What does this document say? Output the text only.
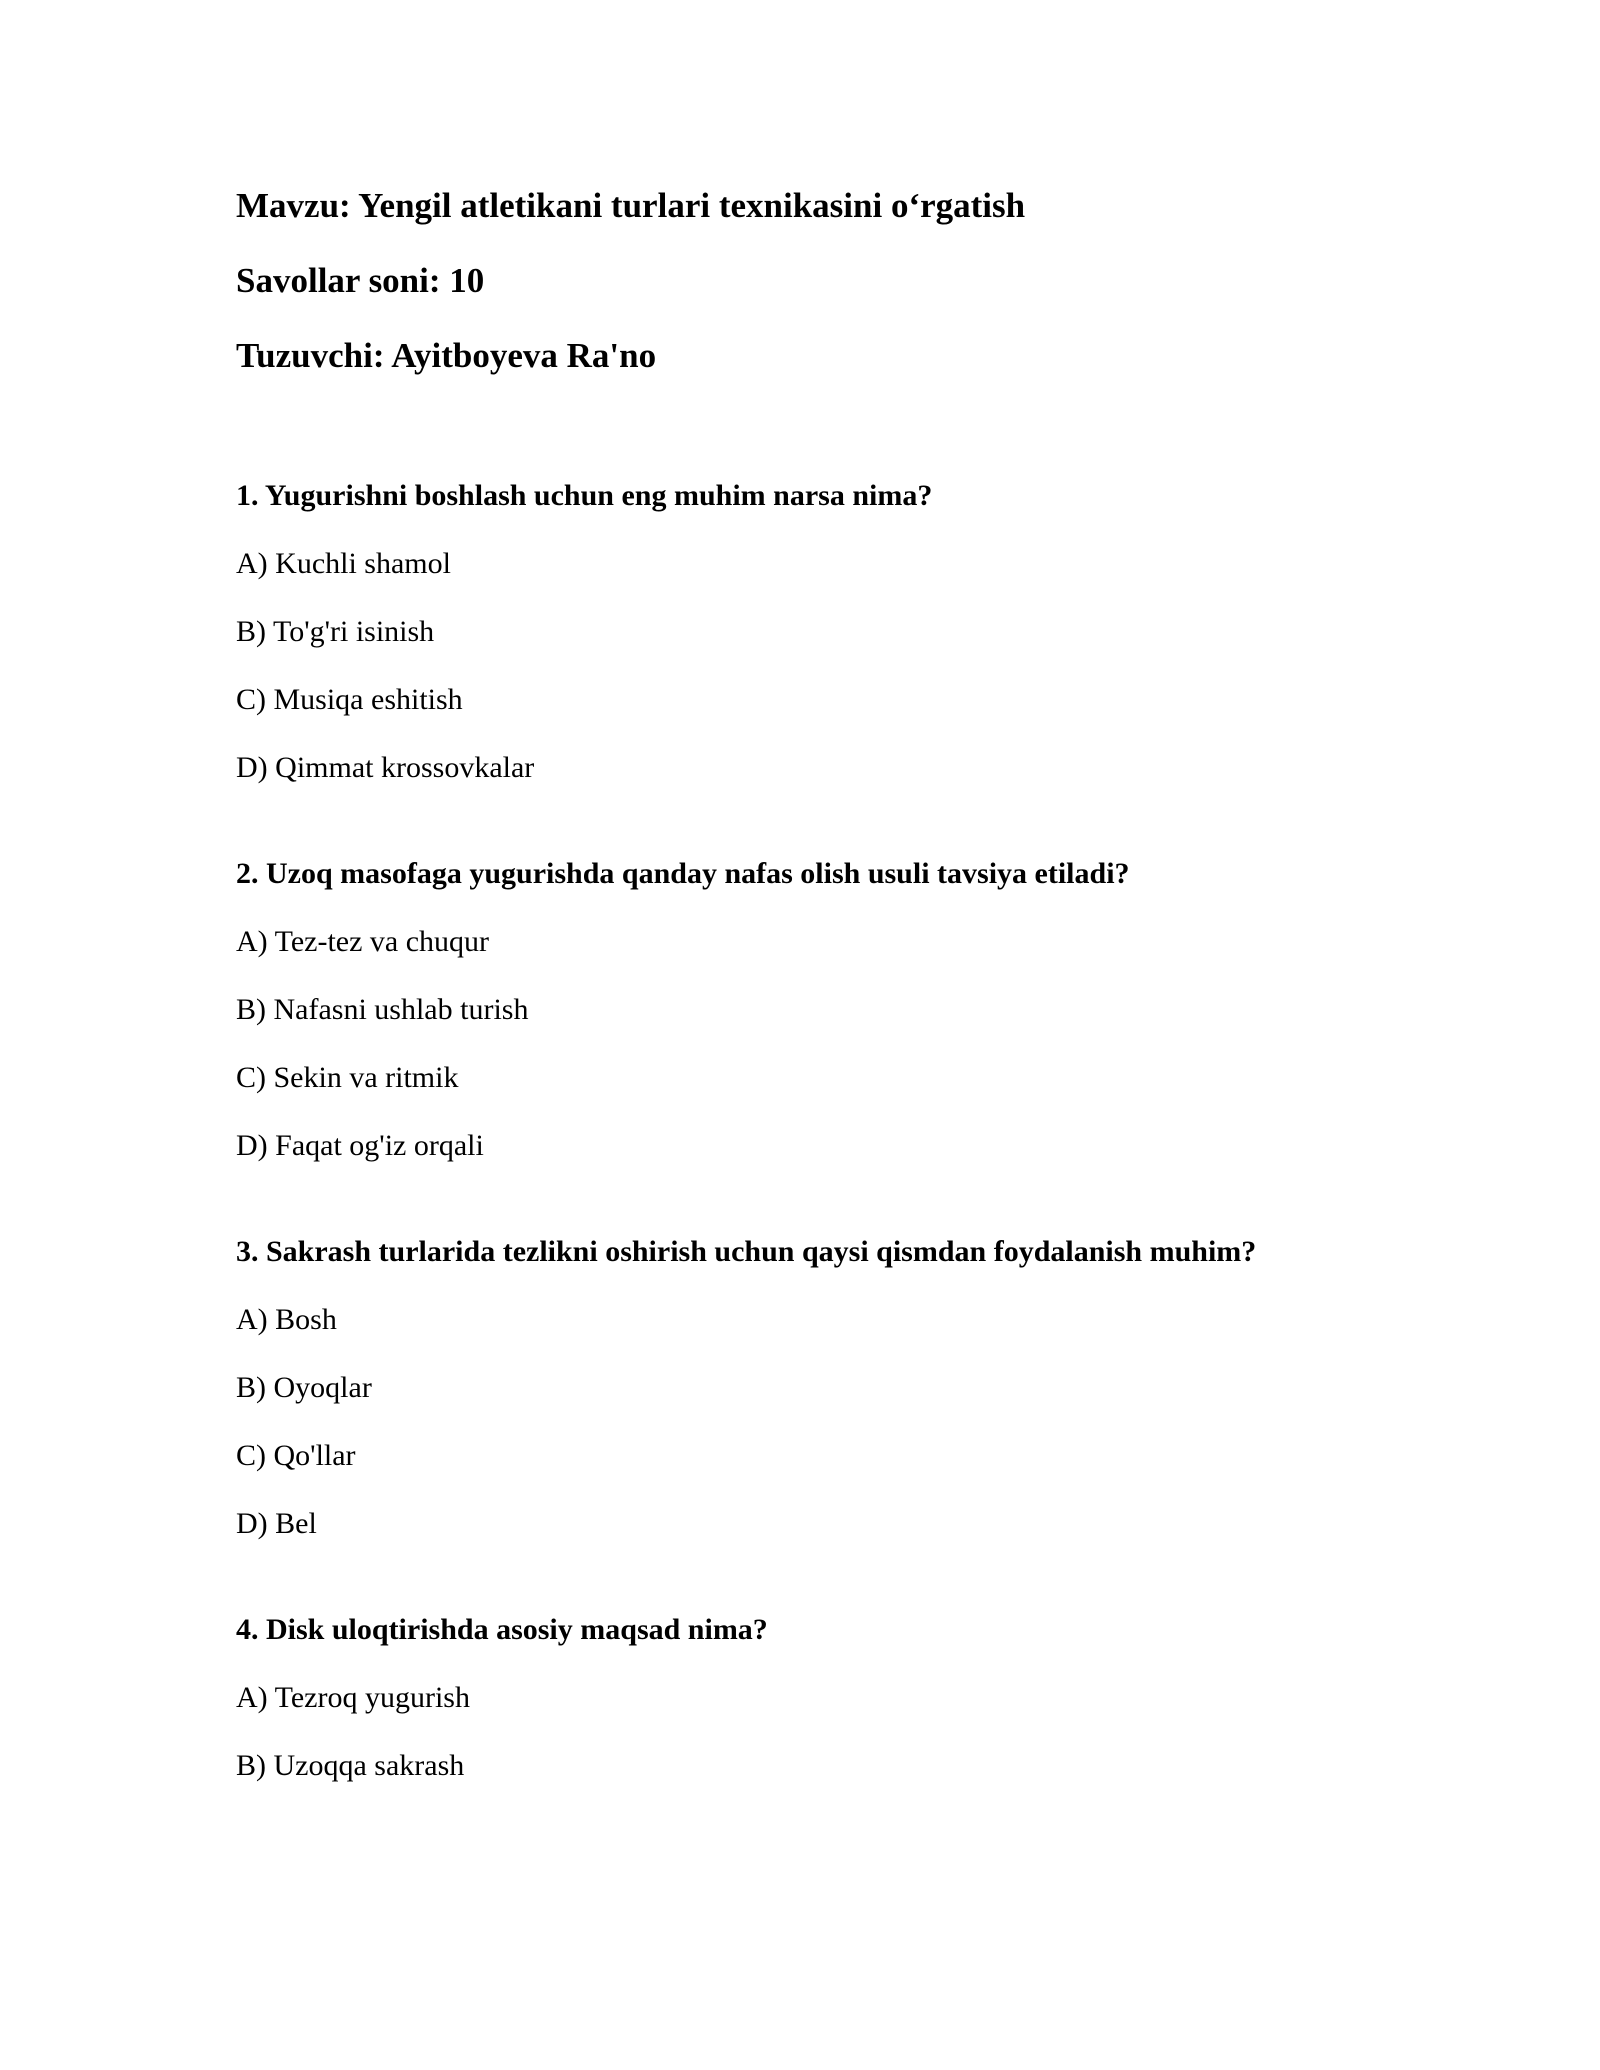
Mavzu: Yengil atletikani turlari texnikasini o‘rgatish
Savollar soni: 10
Tuzuvchi: Ayitboyeva Ra'no
1. Yugurishni boshlash uchun eng muhim narsa nima?
A) Kuchli shamol
B) To'g'ri isinish
C) Musiqa eshitish
D) Qimmat krossovkalar
2. Uzoq masofaga yugurishda qanday nafas olish usuli tavsiya etiladi?
A) Tez-tez va chuqur
B) Nafasni ushlab turish
C) Sekin va ritmik
D) Faqat og'iz orqali
3. Sakrash turlarida tezlikni oshirish uchun qaysi qismdan foydalanish muhim?
A) Bosh
B) Oyoqlar
C) Qo'llar
D) Bel
4. Disk uloqtirishda asosiy maqsad nima?
A) Tezroq yugurish
B) Uzoqqa sakrash
